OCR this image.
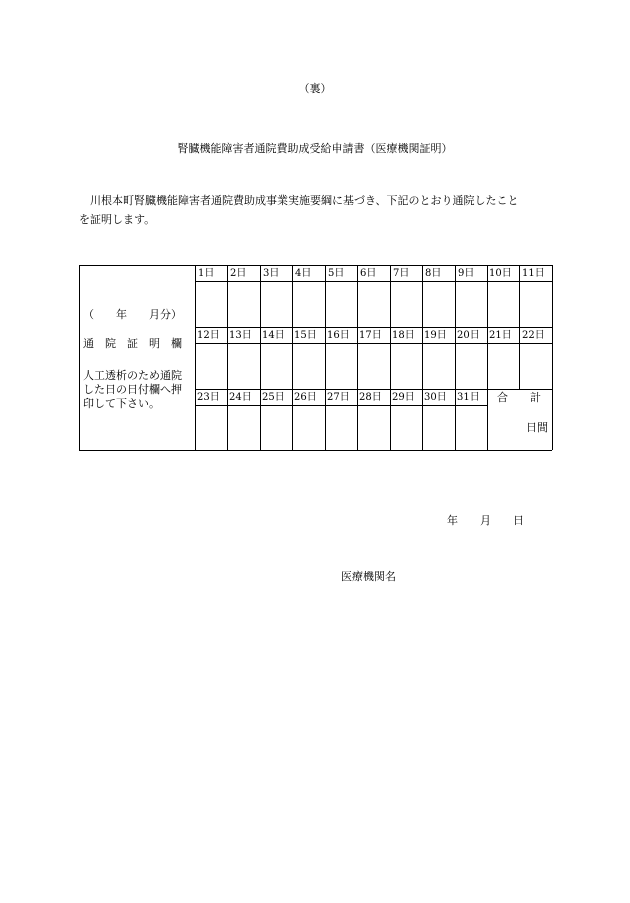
（裏）
腎臓機能障害者通院費助成受給申請書（医療機関証明）
　川根本町腎臓機能障害者通院費助成事業実施要綱に基づき、下記のとおり通院したこと
を証明します。
（　　年　　月分）
通　院　証　明　欄
人工透析のため通院
した日の日付欄へ押
印して下さい。
1日 2日 3日 4日 5日 6日 7日 8日 9日 10日 11日
12日 13日 14日 15日 16日 17日 18日 19日 20日 21日 22日
23日 24日 25日 26日 27日 28日 29日 30日 31日 合　　計
日間
年　　月　　日
医療機関名
